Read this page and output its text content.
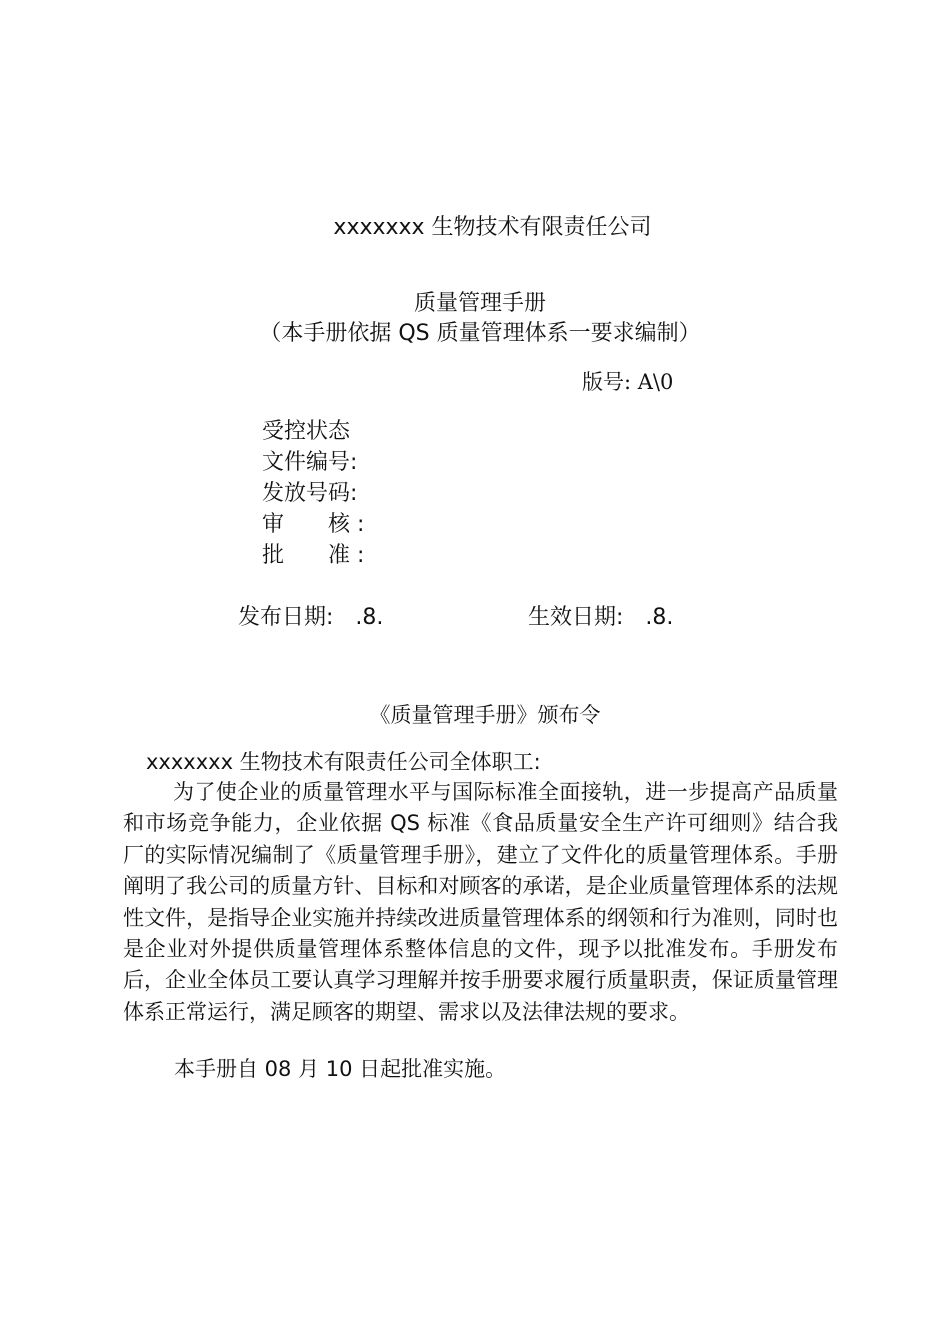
xxxxxxx 生物技术有限责任公司
质量管理手册
（本手册依据 QS 质量管理体系一要求编制）
版号: A\0
受控状态
文件编号:
发放号码:
审　　核 :
批　　准 :
发布日期:　.8.	生效日期:　.8.
《质量管理手册》颁布令
xxxxxxx 生物技术有限责任公司全体职工:

为了使企业的质量管理水平与国际标准全面接轨，进一步提高产品质量和市场竞争能力，企业依据 QS 标准《食品质量安全生产许可细则》结合我厂的实际情况编制了《质量管理手册》，建立了文件化的质量管理体系。手册阐明了我公司的质量方针、目标和对顾客的承诺，是企业质量管理体系的法规性文件，是指导企业实施并持续改进质量管理体系的纲领和行为准则，同时也是企业对外提供质量管理体系整体信息的文件，现予以批准发布。手册发布后，企业全体员工要认真学习理解并按手册要求履行质量职责，保证质量管理体系正常运行，满足顾客的期望、需求以及法律法规的要求。

本手册自 08 月 10 日起批准实施。
